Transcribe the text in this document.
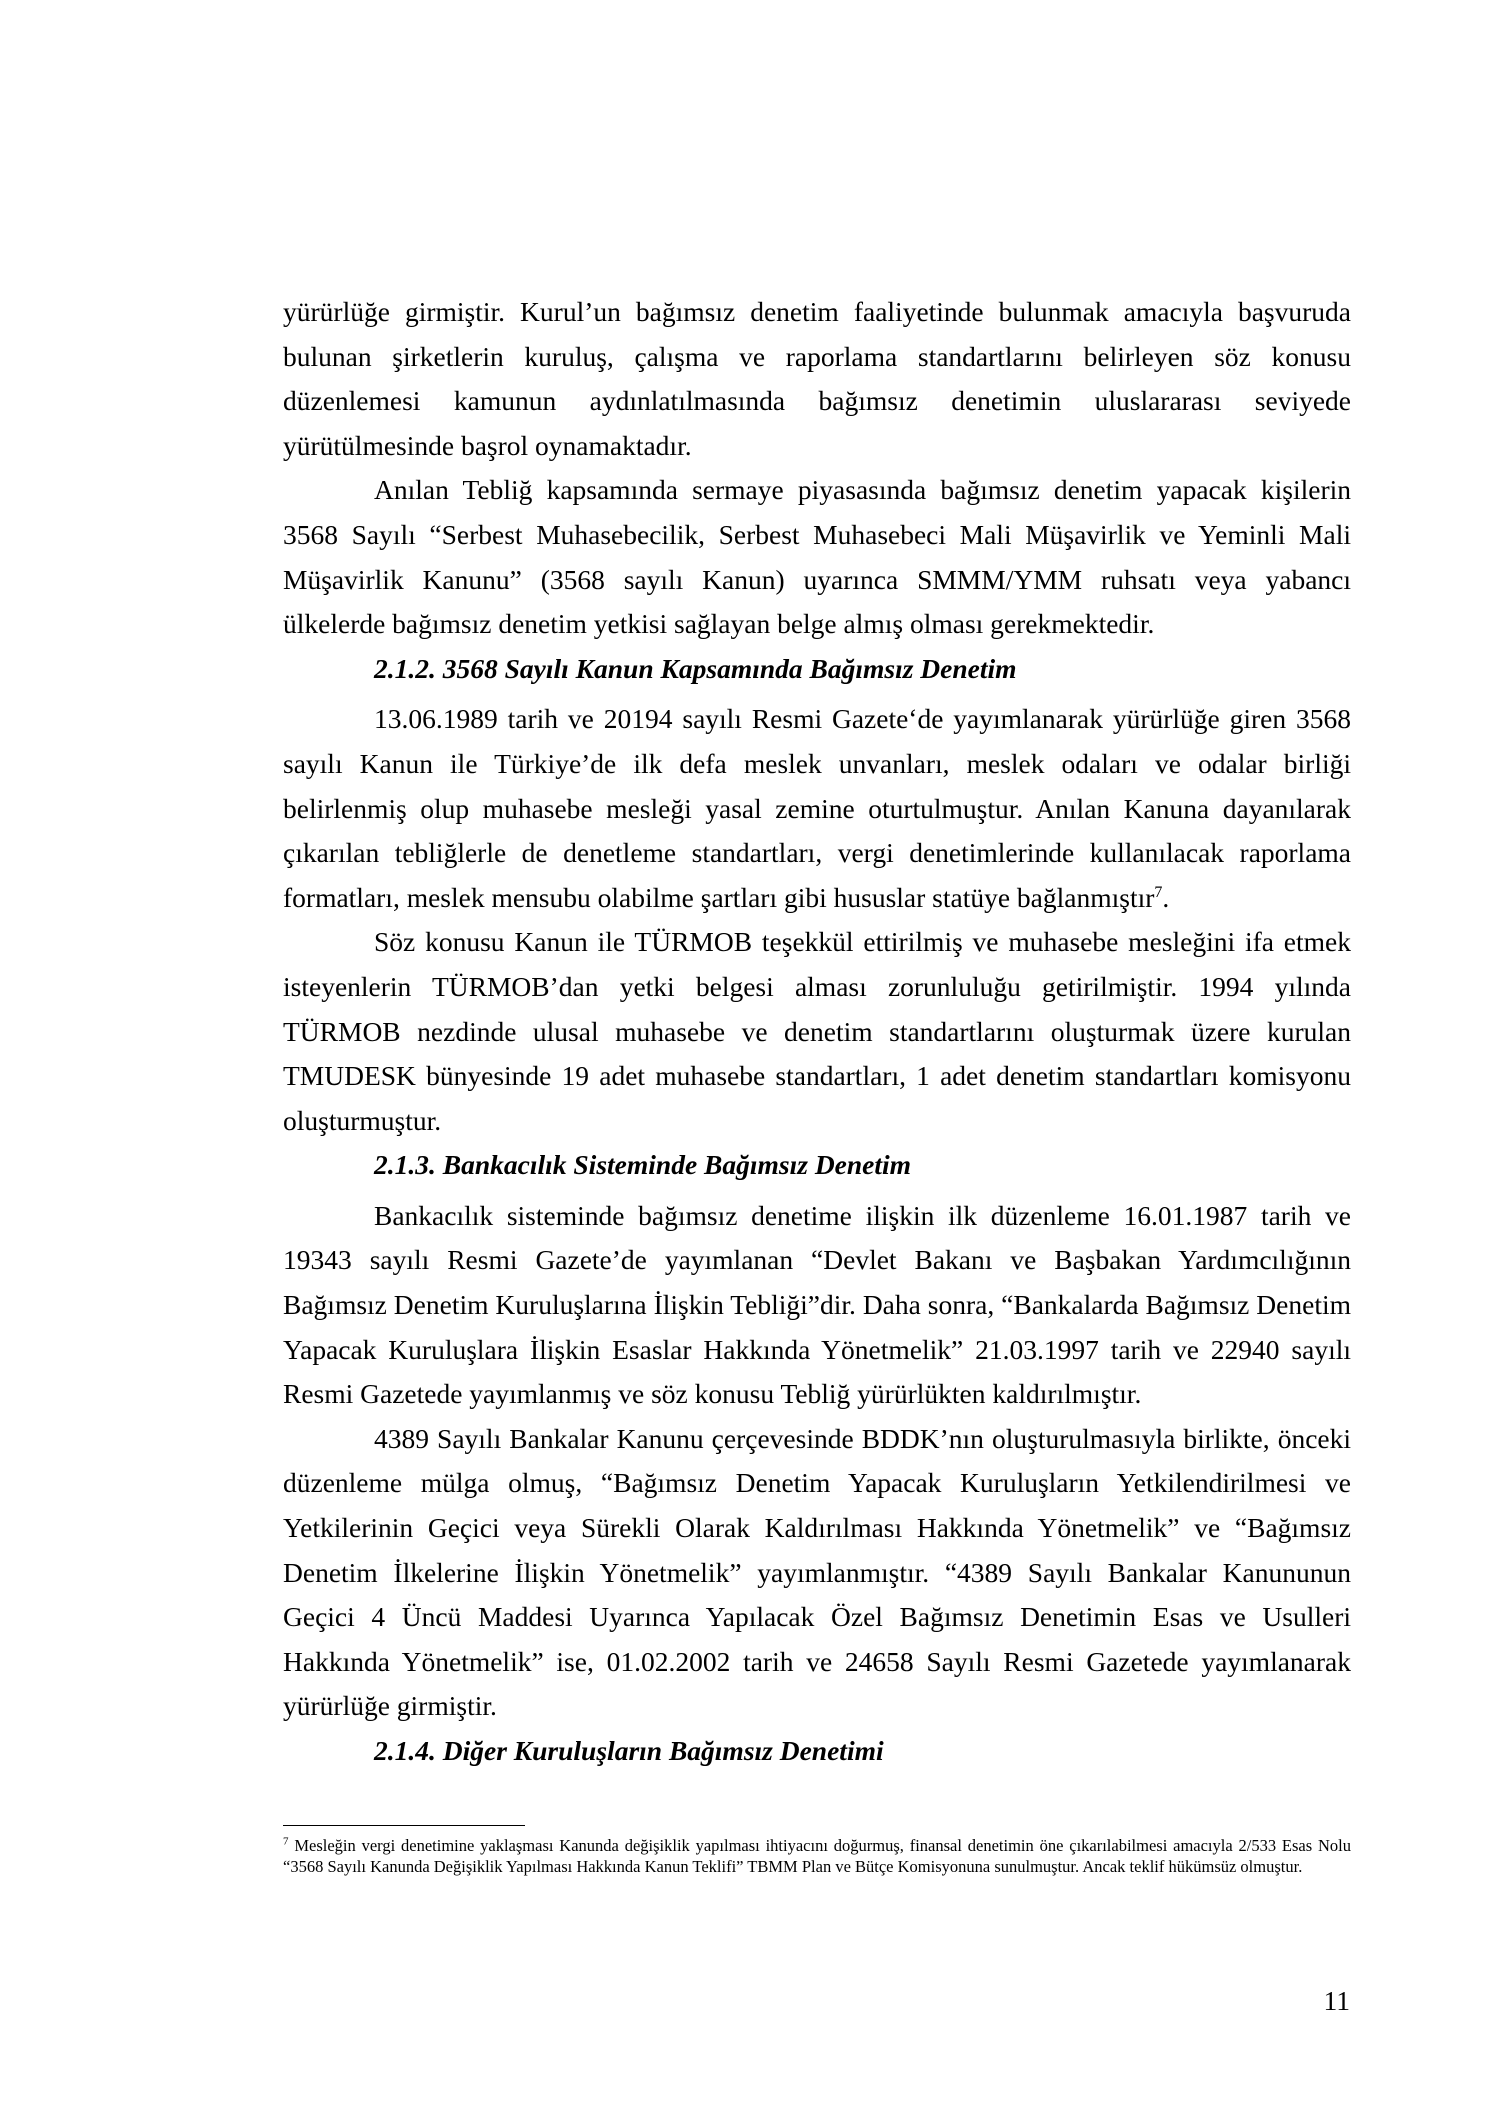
yürürlüğe girmiştir. Kurul’un bağımsız denetim faaliyetinde bulunmak amacıyla başvuruda bulunan şirketlerin kuruluş, çalışma ve raporlama standartlarını belirleyen söz konusu düzenlemesi kamunun aydınlatılmasında bağımsız denetimin uluslararası seviyede yürütülmesinde başrol oynamaktadır.

Anılan Tebliğ kapsamında sermaye piyasasında bağımsız denetim yapacak kişilerin 3568 Sayılı “Serbest Muhasebecilik, Serbest Muhasebeci Mali Müşavirlik ve Yeminli Mali Müşavirlik Kanunu” (3568 sayılı Kanun) uyarınca SMMM/YMM ruhsatı veya yabancı ülkelerde bağımsız denetim yetkisi sağlayan belge almış olması gerekmektedir.

2.1.2. 3568 Sayılı Kanun Kapsamında Bağımsız Denetim

13.06.1989 tarih ve 20194 sayılı Resmi Gazete‘de yayımlanarak yürürlüğe giren 3568 sayılı Kanun ile Türkiye’de ilk defa meslek unvanları, meslek odaları ve odalar birliği belirlenmiş olup muhasebe mesleği yasal zemine oturtulmuştur. Anılan Kanuna dayanılarak çıkarılan tebliğlerle de denetleme standartları, vergi denetimlerinde kullanılacak raporlama formatları, meslek mensubu olabilme şartları gibi hususlar statüye bağlanmıştır$^7$.

Söz konusu Kanun ile TÜRMOB teşekkül ettirilmiş ve muhasebe mesleğini ifa etmek isteyenlerin TÜRMOB’dan yetki belgesi alması zorunluluğu getirilmiştir. 1994 yılında TÜRMOB nezdinde ulusal muhasebe ve denetim standartlarını oluşturmak üzere kurulan TMUDESK bünyesinde 19 adet muhasebe standartları, 1 adet denetim standartları komisyonu oluşturmuştur.

2.1.3. Bankacılık Sisteminde Bağımsız Denetim

Bankacılık sisteminde bağımsız denetime ilişkin ilk düzenleme 16.01.1987 tarih ve 19343 sayılı Resmi Gazete’de yayımlanan “Devlet Bakanı ve Başbakan Yardımcılığının Bağımsız Denetim Kuruluşlarına İlişkin Tebliği”dir. Daha sonra, “Bankalarda Bağımsız Denetim Yapacak Kuruluşlara İlişkin Esaslar Hakkında Yönetmelik” 21.03.1997 tarih ve 22940 sayılı Resmi Gazetede yayımlanmış ve söz konusu Tebliğ yürürlükten kaldırılmıştır.

4389 Sayılı Bankalar Kanunu çerçevesinde BDDK’nın oluşturulmasıyla birlikte, önceki düzenleme mülga olmuş, “Bağımsız Denetim Yapacak Kuruluşların Yetkilendirilmesi ve Yetkilerinin Geçici veya Sürekli Olarak Kaldırılması Hakkında Yönetmelik” ve “Bağımsız Denetim İlkelerine İlişkin Yönetmelik” yayımlanmıştır. “4389 Sayılı Bankalar Kanununun Geçici 4 Üncü Maddesi Uyarınca Yapılacak Özel Bağımsız Denetimin Esas ve Usulleri Hakkında Yönetmelik” ise, 01.02.2002 tarih ve 24658 Sayılı Resmi Gazetede yayımlanarak yürürlüğe girmiştir.

2.1.4. Diğer Kuruluşların Bağımsız Denetimi
$^7$ Mesleğin vergi denetimine yaklaşması Kanunda değişiklik yapılması ihtiyacını doğurmuş, finansal denetimin öne çıkarılabilmesi amacıyla 2/533 Esas Nolu “3568 Sayılı Kanunda Değişiklik Yapılması Hakkında Kanun Teklifi” TBMM Plan ve Bütçe Komisyonuna sunulmuştur. Ancak teklif hükümsüz olmuştur.
11
